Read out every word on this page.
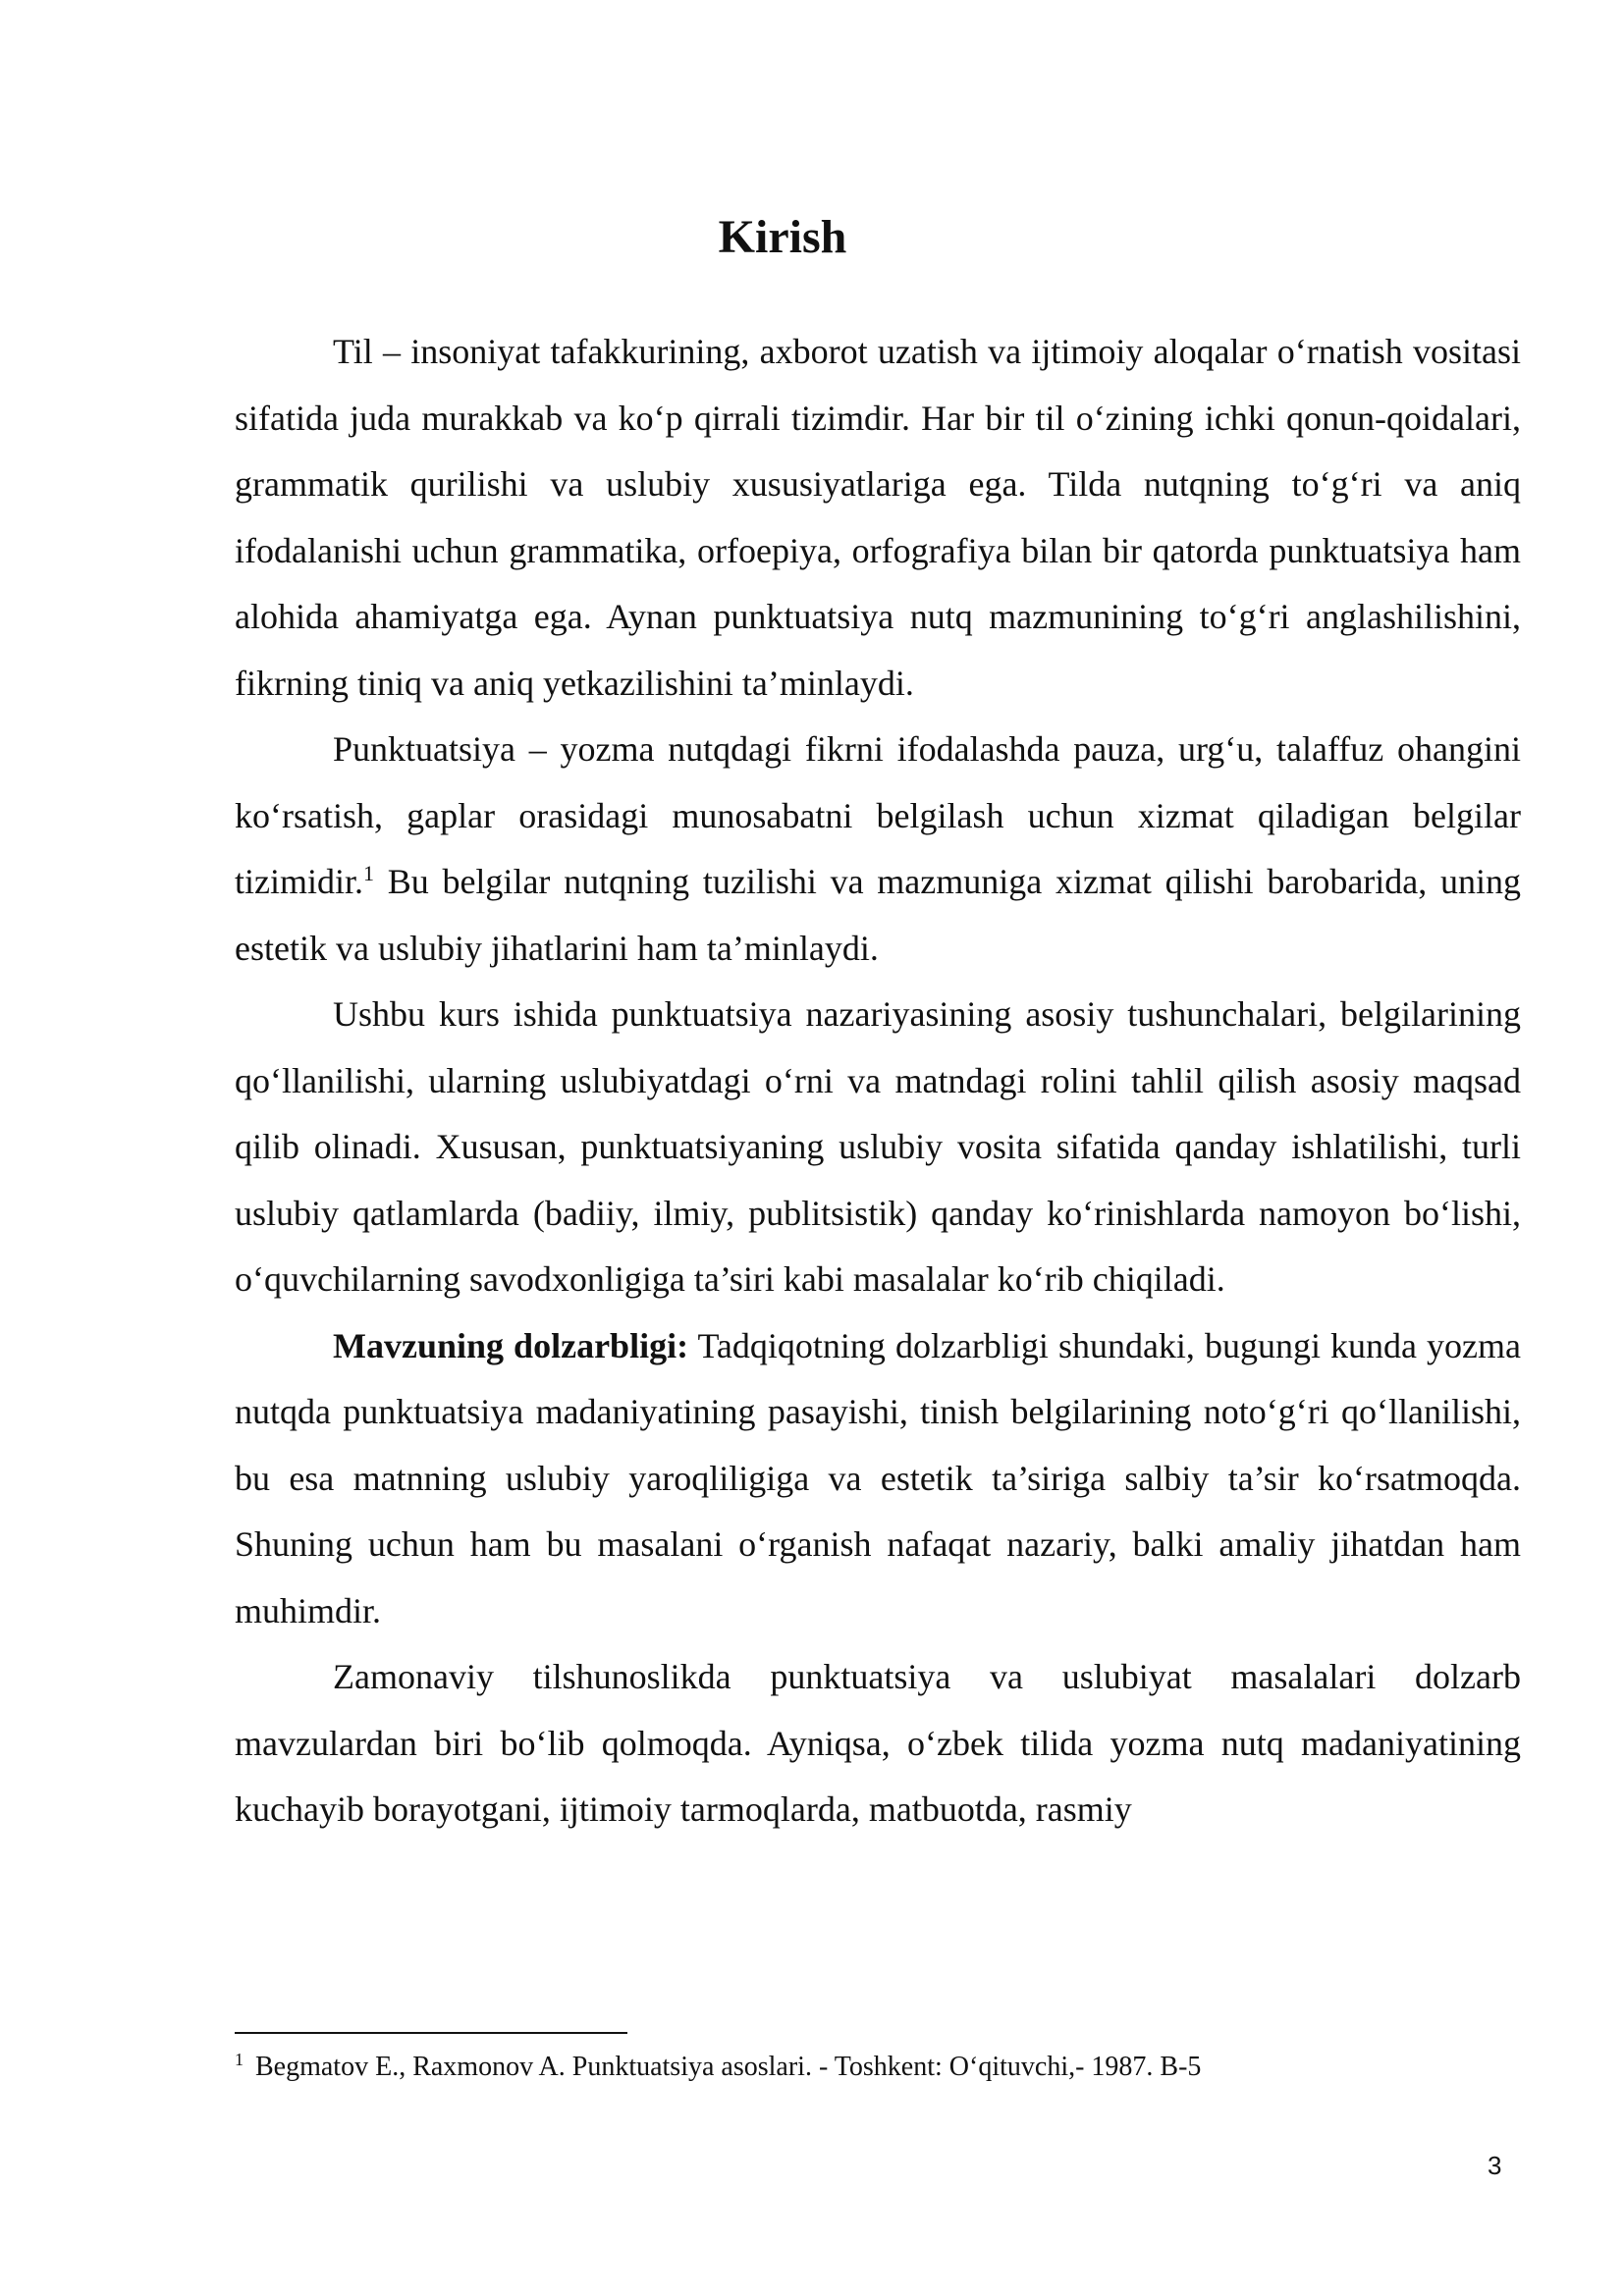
Kirish

Til – insoniyat tafakkurining, axborot uzatish va ijtimoiy aloqalar oʻrnatish vositasi sifatida juda murakkab va koʻp qirrali tizimdir. Har bir til oʻzining ichki qonun-qoidalari, grammatik qurilishi va uslubiy xususiyatlariga ega. Tilda nutqning toʻgʻri va aniq ifodalanishi uchun grammatika, orfoepiya, orfografiya bilan bir qatorda punktuatsiya ham alohida ahamiyatga ega. Aynan punktuatsiya nutq mazmunining toʻgʻri anglashilishini, fikrning tiniq va aniq yetkazilishini ta’minlaydi.

Punktuatsiya – yozma nutqdagi fikrni ifodalashda pauza, urgʻu, talaffuz ohangini koʻrsatish, gaplar orasidagi munosabatni belgilash uchun xizmat qiladigan belgilar tizimidir.$^1$ Bu belgilar nutqning tuzilishi va mazmuniga xizmat qilishi barobarida, uning estetik va uslubiy jihatlarini ham ta’minlaydi.

Ushbu kurs ishida punktuatsiya nazariyasining asosiy tushunchalari, belgilarining qoʻllanilishi, ularning uslubiyatdagi oʻrni va matndagi rolini tahlil qilish asosiy maqsad qilib olinadi. Xususan, punktuatsiyaning uslubiy vosita sifatida qanday ishlatilishi, turli uslubiy qatlamlarda (badiiy, ilmiy, publitsistik) qanday koʻrinishlarda namoyon boʻlishi, oʻquvchilarning savodxonligiga ta’siri kabi masalalar koʻrib chiqiladi.

Mavzuning dolzarbligi: Tadqiqotning dolzarbligi shundaki, bugungi kunda yozma nutqda punktuatsiya madaniyatining pasayishi, tinish belgilarining notoʻgʻri qoʻllanilishi, bu esa matnning uslubiy yaroqliligiga va estetik ta’siriga salbiy ta’sir koʻrsatmoqda. Shuning uchun ham bu masalani oʻrganish nafaqat nazariy, balki amaliy jihatdan ham muhimdir.

Zamonaviy tilshunoslikda punktuatsiya va uslubiyat masalalari dolzarb mavzulardan biri boʻlib qolmoqda. Ayniqsa, oʻzbek tilida yozma nutq madaniyatining kuchayib borayotgani, ijtimoiy tarmoqlarda, matbuotda, rasmiy

$^1$ Begmatov E., Raxmonov A. Punktuatsiya asoslari. - Toshkent: Oʻqituvchi,- 1987. B-5

3
